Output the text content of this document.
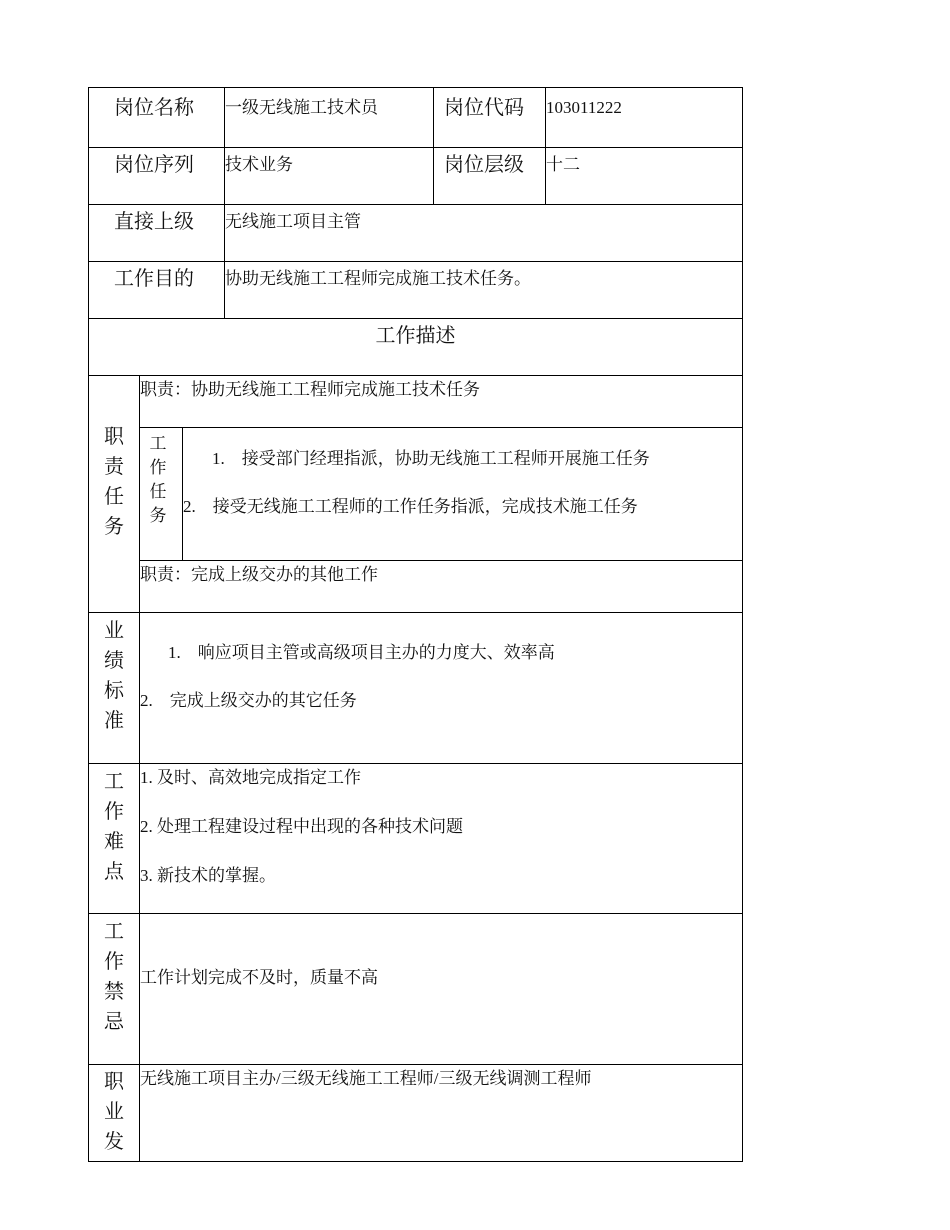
岗位名称 一级无线施工技术员	岗位代码 103011222
岗位序列 技术业务	岗位层级 十二
直接上级 无线施工项目主管
工作目的 协助无线施工工程师完成施工技术任务。
工作描述
职
责
任
务
职责：协助无线施工工程师完成施工技术任务
工
作
任
务
1.　接受部门经理指派，协助无线施工工程师开展施工任务
2.　接受无线施工工程师的工作任务指派，完成技术施工任务
职责：完成上级交办的其他工作
业
绩
标
准
1.　响应项目主管或高级项目主办的力度大、效率高
2.　完成上级交办的其它任务
工
作
难
点
1. 及时、高效地完成指定工作
2. 处理工程建设过程中出现的各种技术问题
3. 新技术的掌握。
工
作
禁
忌
工作计划完成不及时，质量不高
职
业
发
无线施工项目主办/三级无线施工工程师/三级无线调测工程师
